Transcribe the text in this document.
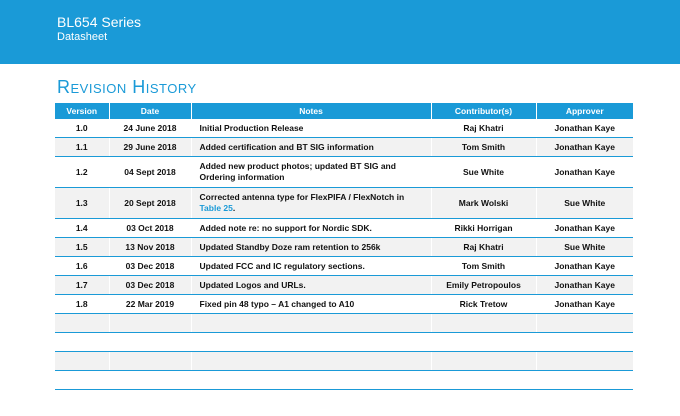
BL654 Series
Datasheet
Revision History
Version	Date	Notes	Contributor(s)	Approver
1.0	24 June 2018	Initial Production Release	Raj Khatri	Jonathan Kaye
1.1	29 June 2018	Added certification and BT SIG information	Tom Smith	Jonathan Kaye
1.2	04 Sept 2018	Added new product photos; updated BT SIG and Ordering information	Sue White	Jonathan Kaye
1.3	20 Sept 2018	Corrected antenna type for FlexPIFA / FlexNotch in Table 25.	Mark Wolski	Sue White
1.4	03 Oct 2018	Added note re: no support for Nordic SDK.	Rikki Horrigan	Jonathan Kaye
1.5	13 Nov 2018	Updated Standby Doze ram retention to 256k	Raj Khatri	Sue White
1.6	03 Dec 2018	Updated FCC and IC regulatory sections.	Tom Smith	Jonathan Kaye
1.7	03 Dec 2018	Updated Logos and URLs.	Emily Petropoulos	Jonathan Kaye
1.8	22 Mar 2019	Fixed pin 48 typo – A1 changed to A10	Rick Tretow	Jonathan Kaye
